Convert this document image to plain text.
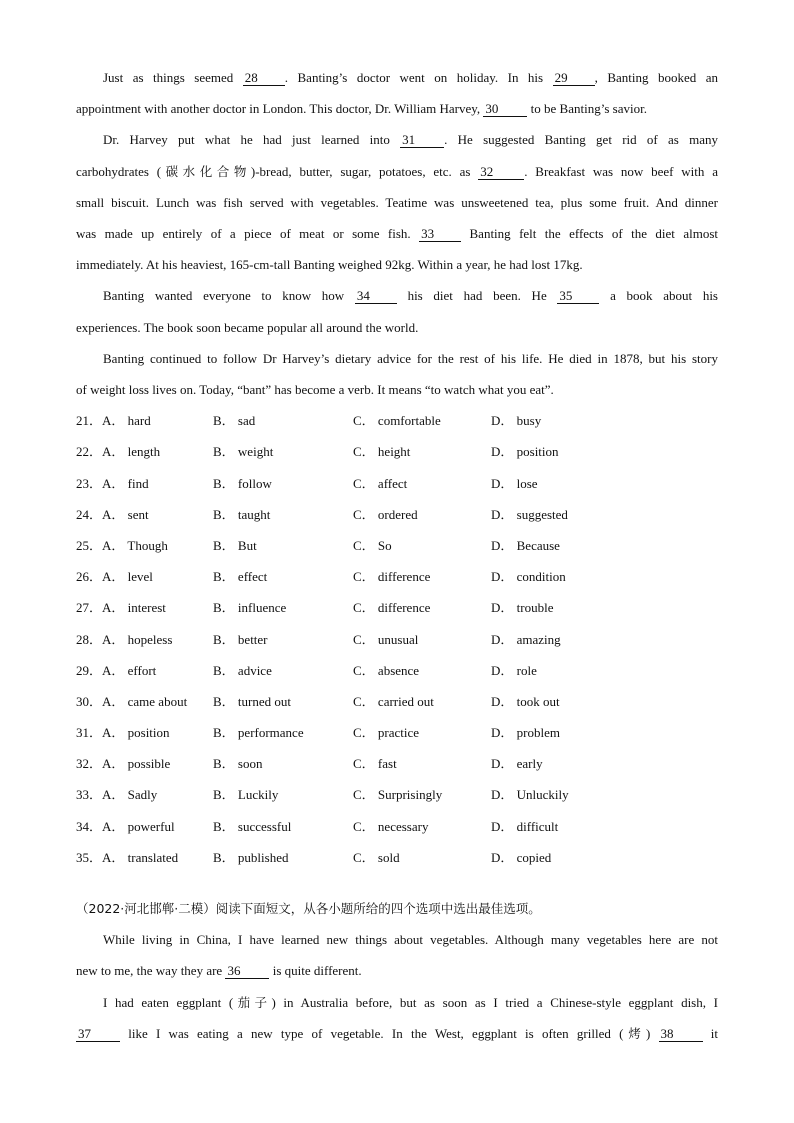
Just as things seemed 28 . Banting’s doctor went on holiday. In his 29 , Banting booked an
appointment with another doctor in London. This doctor, Dr. William Harvey, 30 to be Banting’s savior.

Dr. Harvey put what he had just learned into 31 . He suggested Banting get rid of as many
carbohydrates (碳水化合物)-bread, butter, sugar, potatoes, etc. as 32 . Breakfast was now beef with a
small biscuit. Lunch was fish served with vegetables. Teatime was unsweetened tea, plus some fruit. And dinner
was made up entirely of a piece of meat or some fish. 33 Banting felt the effects of the diet almost
immediately. At his heaviest, 165-cm-tall Banting weighed 92kg. Within a year, he had lost 17kg.

Banting wanted everyone to know how 34 his diet had been. He 35 a book about his
experiences. The book soon became popular all around the world.

Banting continued to follow Dr Harvey’s dietary advice for the rest of his life. He died in 1878, but his story
of weight loss lives on. Today, “bant” has become a verb. It means “to watch what you eat”.

21． A． hard	B． sad	C． comfortable	D． busy
22． A． length	B． weight	C． height	D． position
23． A． find	B． follow	C． affect	D． lose
24． A． sent	B． taught	C． ordered	D． suggested
25． A． Though	B． But	C． So	D． Because
26． A． level	B． effect	C． difference	D． condition
27． A． interest	B． influence	C． difference	D． trouble
28． A． hopeless	B． better	C． unusual	D． amazing
29． A． effort	B． advice	C． absence	D． role
30． A． came about B． turned out	C． carried out	D． took out
31． A． position	B． performance	C． practice	D． problem
32． A． possible	B． soon	C． fast	D． early
33． A． Sadly	B． Luckily	C． Surprisingly	D． Unluckily
34． A． powerful	B． successful	C． necessary	D． difficult
35． A． translated	B． published	C． sold	D． copied
（2022·河北邯郸·二模）阅读下面短文，从各小题所给的四个选项中选出最佳选项。

While living in China, I have learned new things about vegetables. Although many vegetables here are not
new to me, the way they are 36 is quite different.

I had eaten eggplant (茄子) in Australia before, but as soon as I tried a Chinese-style eggplant dish, I
37 like I was eating a new type of vegetable. In the West, eggplant is often grilled (烤) 38 it
